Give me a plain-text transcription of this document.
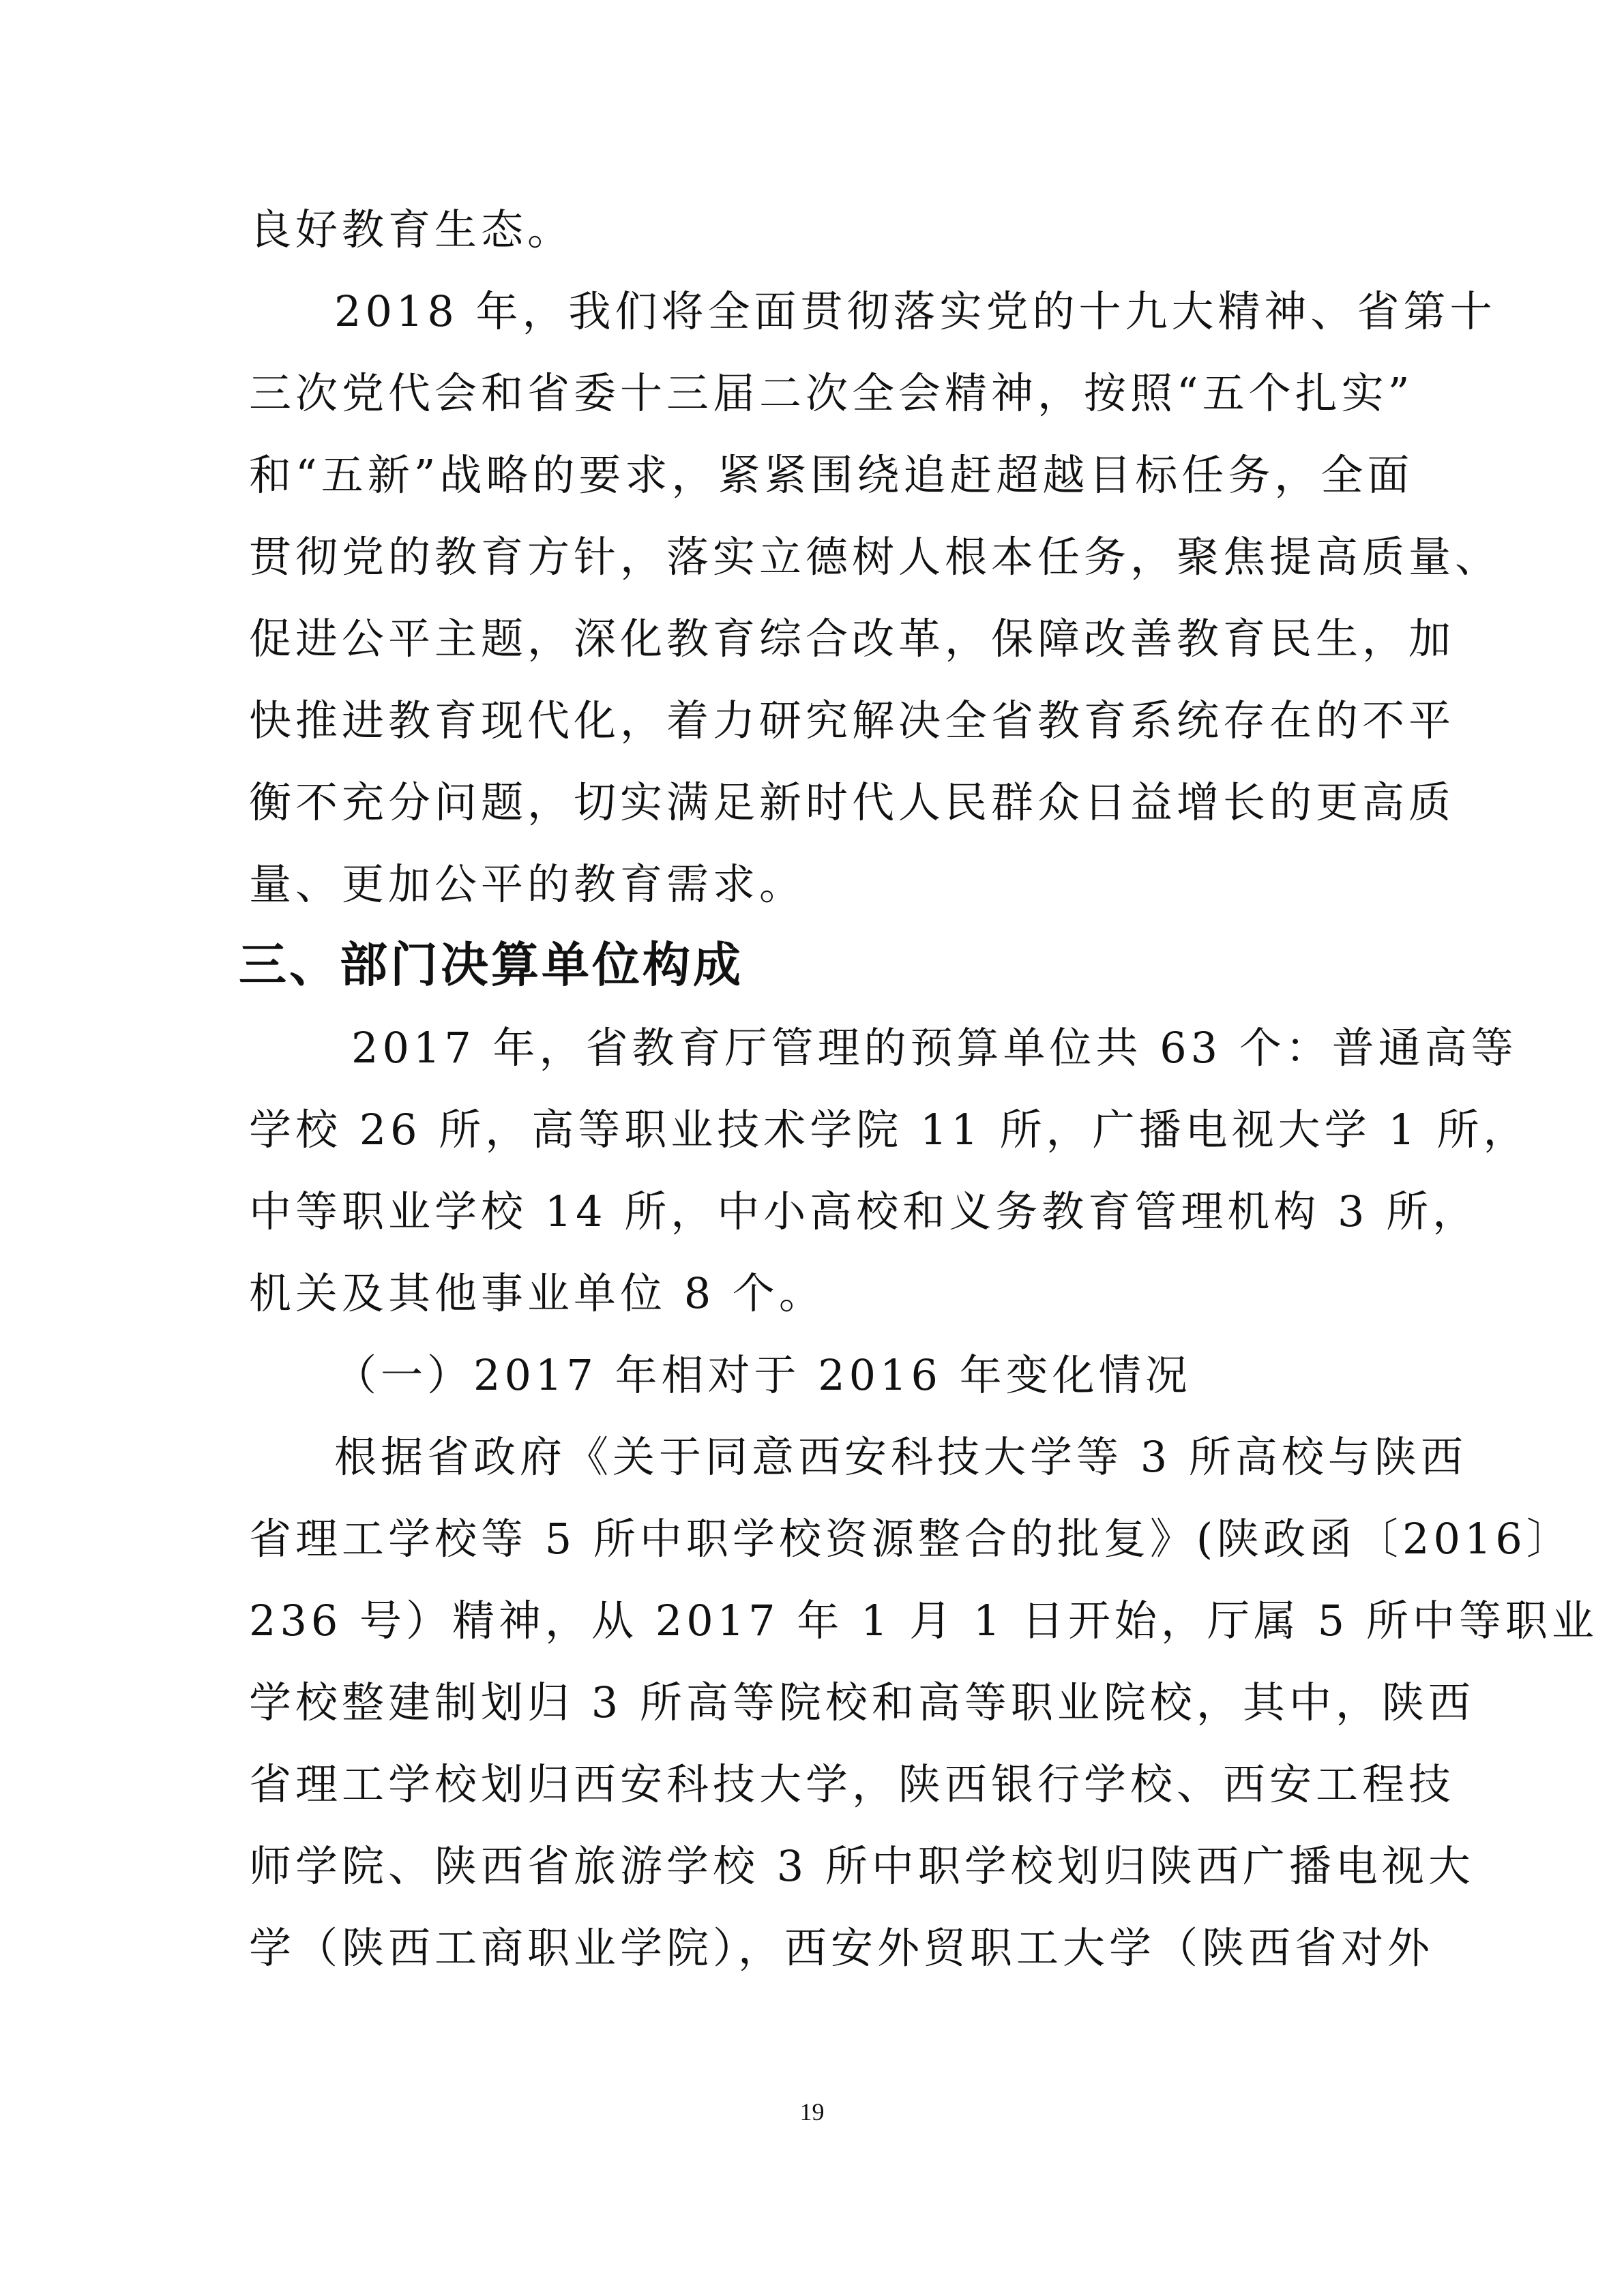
良好教育生态。
2018 年，我们将全面贯彻落实党的十九大精神、省第十
三次党代会和省委十三届二次全会精神，按照“五个扎实”
和“五新”战略的要求，紧紧围绕追赶超越目标任务，全面
贯彻党的教育方针，落实立德树人根本任务，聚焦提高质量、
促进公平主题，深化教育综合改革，保障改善教育民生，加
快推进教育现代化，着力研究解决全省教育系统存在的不平
衡不充分问题，切实满足新时代人民群众日益增长的更高质
量、更加公平的教育需求。
三、部门决算单位构成
2017 年，省教育厅管理的预算单位共 63 个：普通高等
学校 26 所，高等职业技术学院 11 所，广播电视大学 1 所，
中等职业学校 14 所，中小高校和义务教育管理机构 3 所，
机关及其他事业单位 8 个。
（一）2017 年相对于 2016 年变化情况
根据省政府《关于同意西安科技大学等 3 所高校与陕西
省理工学校等 5 所中职学校资源整合的批复》(陕政函〔2016〕
236 号）精神，从 2017 年 1 月 1 日开始，厅属 5 所中等职业
学校整建制划归 3 所高等院校和高等职业院校，其中，陕西
省理工学校划归西安科技大学，陕西银行学校、西安工程技
师学院、陕西省旅游学校 3 所中职学校划归陕西广播电视大
学（陕西工商职业学院），西安外贸职工大学（陕西省对外
19
